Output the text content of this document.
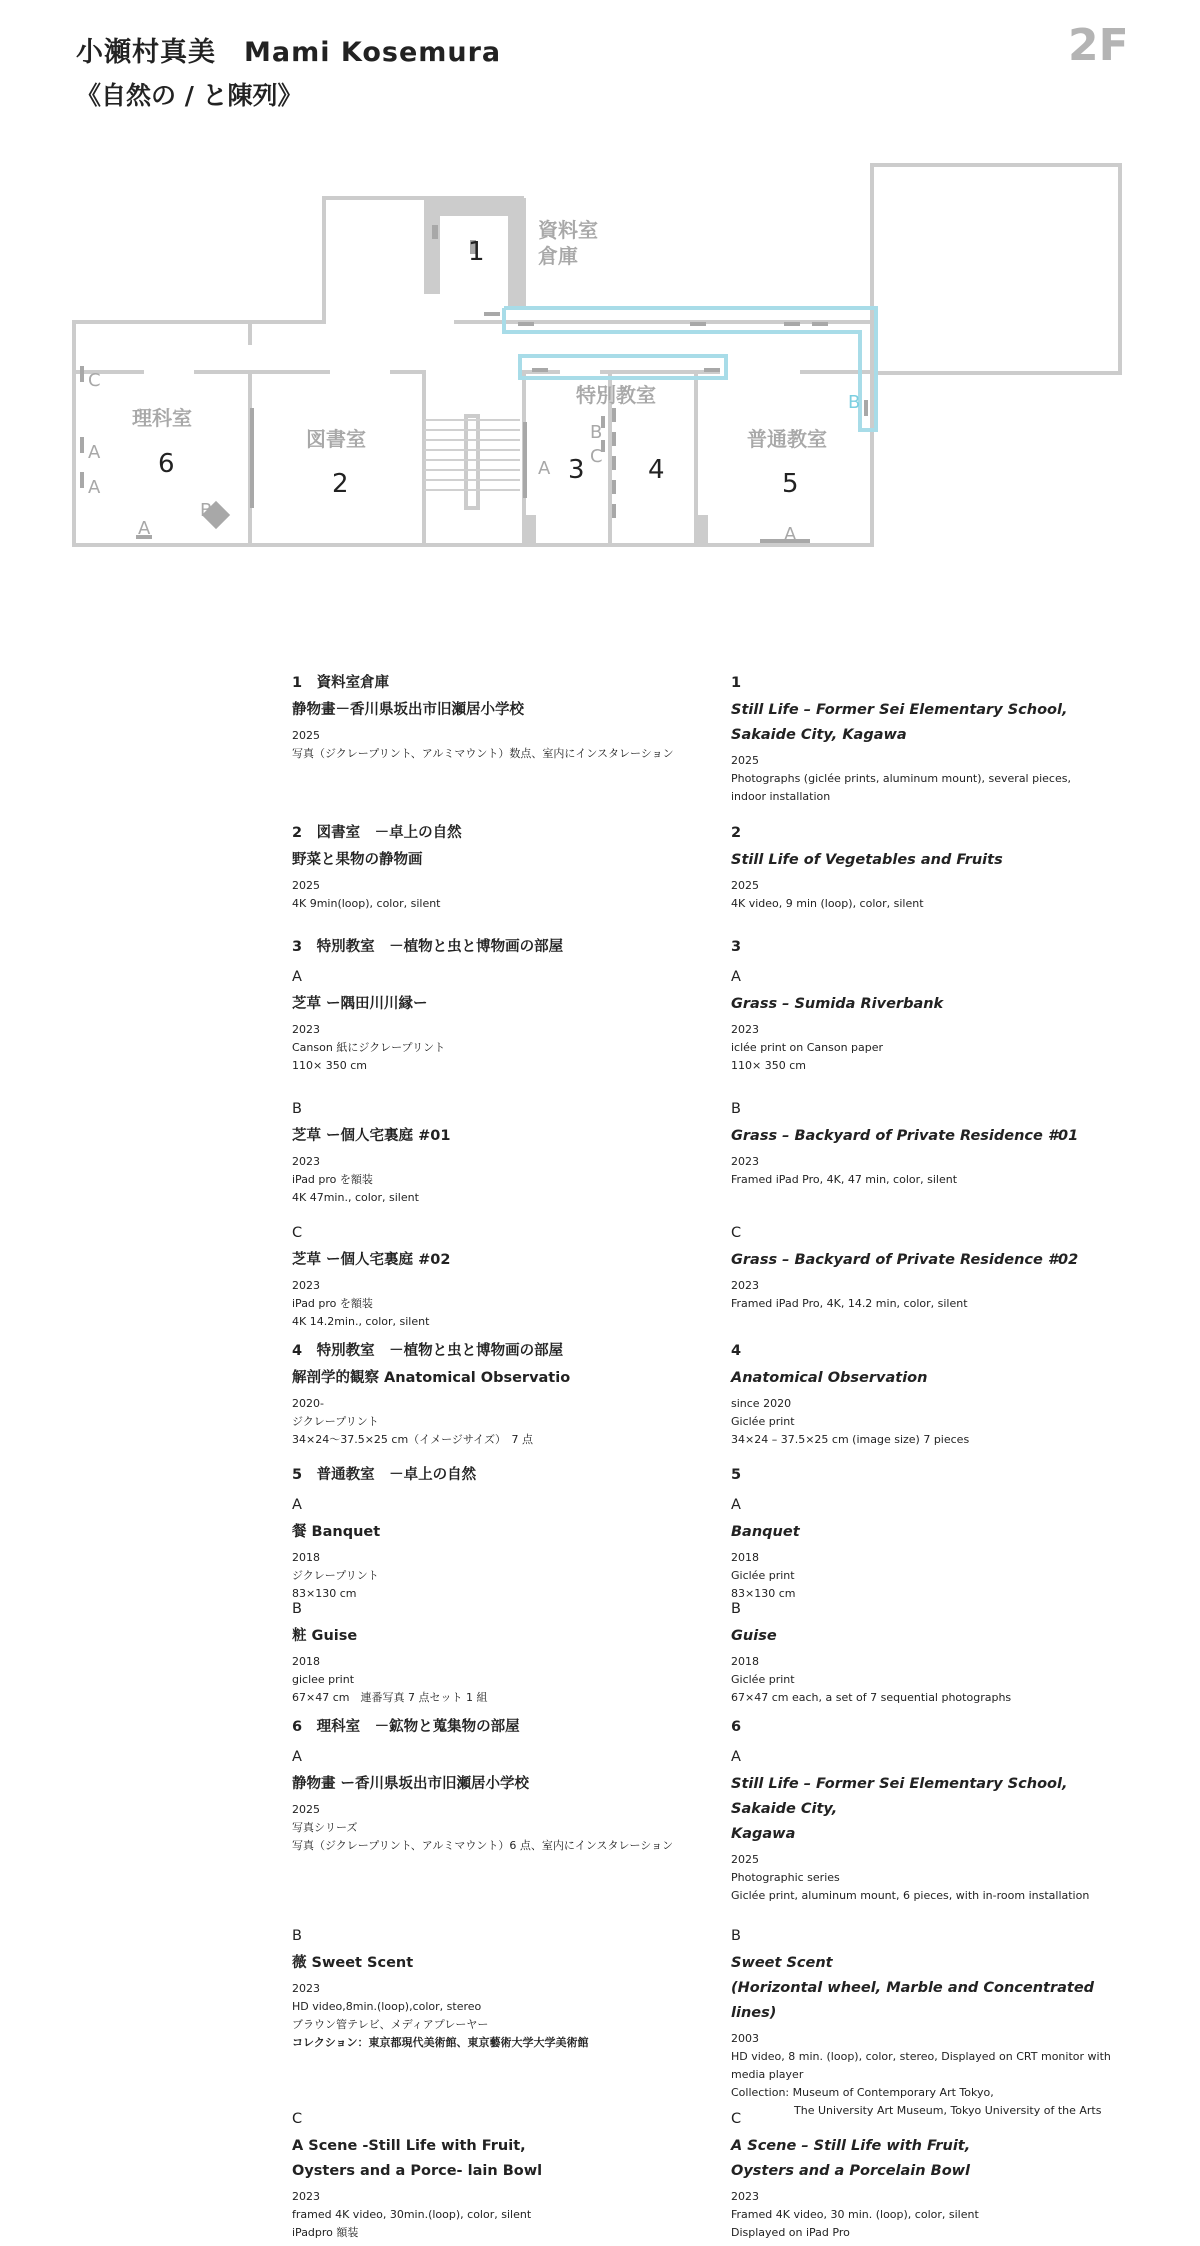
小瀬村真美　Mami Kosemura
《自然の / と陳列》
2F
資料室
倉庫
理科室
図書室
特別教室
普通教室
1
2	3 4	5
6
C
A
A
A
B
A
B
C
A
B
1　資料室倉庫
静物畫－香川県坂出市旧瀬居小学校
2025
写真（ジクレープリント、アルミマウント）数点、室内にインスタレーション
2　図書室　－卓上の自然
野菜と果物の静物画
2025
4K 9min(loop), color, silent
3　特別教室　－植物と虫と博物画の部屋
A
芝草 ー隅田川川縁ー
2023
Canson 紙にジクレープリント
110× 350 cm
B
芝草 ー個人宅裏庭 #01
2023
iPad pro を額装
4K 47min., color, silent
C
芝草 ー個人宅裏庭 #02
2023
iPad pro を額装
4K 14.2min., color, silent
4　特別教室　－植物と虫と博物画の部屋
解剖学的観察 Anatomical Observatio
2020-
ジクレープリント
34×24〜37.5×25 cm（イメージサイズ）　7 点
5　普通教室　－卓上の自然
A
餐 Banquet
2018
ジクレープリント
83×130 cm
B
粧 Guise
2018
giclee print
67×47 cm　連番写真 7 点セット 1 組
6　理科室　－鉱物と蒐集物の部屋
A
静物畫 ー香川県坂出市旧瀬居小学校
2025
写真シリーズ
写真（ジクレープリント、アルミマウント）6 点、室内にインスタレーション
B
薇 Sweet Scent
2023
HD video,8min.(loop),color, stereo
ブラウン管テレビ、メディアプレーヤー
コレクション：東京都現代美術館、東京藝術大学大学美術館
C
A Scene -Still Life with Fruit,
Oysters and a Porce- lain Bowl
2023
framed 4K video, 30min.(loop), color, silent
iPadpro 額装
1
Still Life – Former Sei Elementary School,
Sakaide City, Kagawa
2025
Photographs (giclée prints, aluminum mount), several pieces,
indoor installation
2
Still Life of Vegetables and Fruits
2025
4K video, 9 min (loop), color, silent
3
A
Grass – Sumida Riverbank
2023
iclée print on Canson paper
110× 350 cm
B
Grass – Backyard of Private Residence #01
2023
Framed iPad Pro, 4K, 47 min, color, silent
C
Grass – Backyard of Private Residence #02
2023
Framed iPad Pro, 4K, 14.2 min, color, silent
4
Anatomical Observation
since 2020
Giclée print
34×24 – 37.5×25 cm (image size) 7 pieces
5
A
Banquet
2018
Giclée print
83×130 cm
B
Guise
2018
Giclée print
67×47 cm each, a set of 7 sequential photographs
6
A
Still Life – Former Sei Elementary School, Sakaide City,
Kagawa
2025
Photographic series
Giclée print, aluminum mount, 6 pieces, with in-room installation
B
Sweet Scent
(Horizontal wheel, Marble and Concentrated lines)
2003
HD video, 8 min. (loop), color, stereo, Displayed on CRT monitor with
media player
Collection: Museum of Contemporary Art Tokyo,
The University Art Museum, Tokyo University of the Arts
C
A Scene – Still Life with Fruit,
Oysters and a Porcelain Bowl
2023
Framed 4K video, 30 min. (loop), color, silent
Displayed on iPad Pro
